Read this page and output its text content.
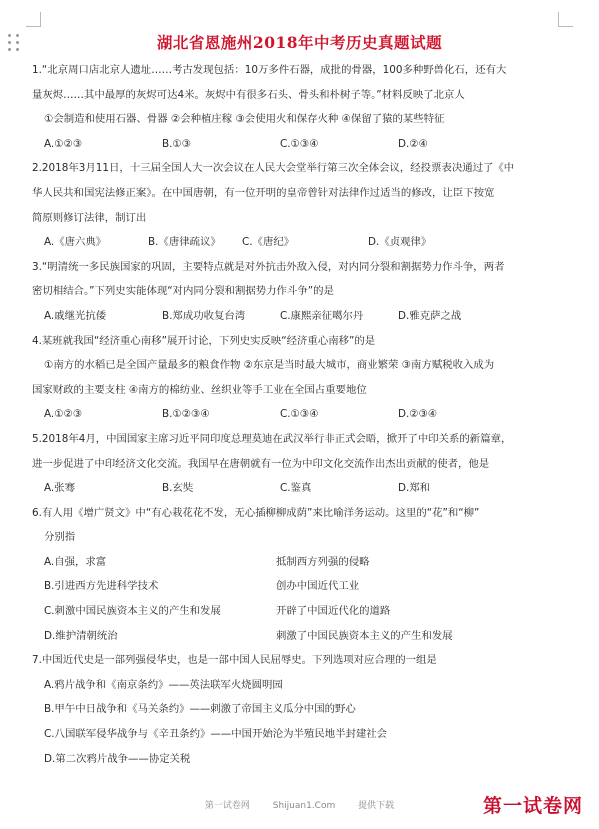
湖北省恩施州2018年中考历史真题试题

1.“北京周口店北京人遗址……考古发现包括：10万多件石器，成批的骨器，100多种野兽化石，还有大

量灰烬……其中最厚的灰烬可达4米。灰烬中有很多石头、骨头和朴树子等。”材料反映了北京人

①会制造和使用石器、骨器 ②会种植庄稼 ③会使用火和保存火种 ④保留了猿的某些特征

A.①②③	B.①③	C.①③④	D.②④

2.2018年3月11日，十三届全国人大一次会议在人民大会堂举行第三次全体会议，经投票表决通过了《中

华人民共和国宪法修正案》。在中国唐朝，有一位开明的皇帝曾针对法律作过适当的修改，让臣下按宽

简原则修订法律，制订出

A.《唐六典》	B.《唐律疏议》	C.《唐纪》	D.《贞观律》

3.“明清统一多民族国家的巩固，主要特点就是对外抗击外敌入侵，对内同分裂和割据势力作斗争，两者

密切相结合。”下列史实能体现“对内同分裂和割据势力作斗争”的是

A.戚继光抗倭	B.郑成功收复台湾	C.康熙亲征噶尔丹	D.雅克萨之战

4.某班就我国“经济重心南移”展开讨论，下列史实反映“经济重心南移”的是

①南方的水稻已是全国产量最多的粮食作物 ②东京是当时最大城市，商业繁荣 ③南方赋税收入成为

国家财政的主要支柱 ④南方的棉纺业、丝织业等手工业在全国占重要地位

A.①②③	B.①②③④	C.①③④	D.②③④

5.2018年4月，中国国家主席习近平同印度总理莫迪在武汉举行非正式会晤，掀开了中印关系的新篇章，

进一步促进了中印经济文化交流。我国早在唐朝就有一位为中印文化交流作出杰出贡献的使者，他是

A.张骞	B.玄奘	C.鉴真	D.郑和

6.有人用《增广贤文》中“有心栽花花不发，无心插柳柳成荫”来比喻洋务运动。这里的“花”和“柳”

分别指

A.自强，求富	抵制西方列强的侵略
B.引进西方先进科学技术	创办中国近代工业
C.刺激中国民族资本主义的产生和发展	开辟了中国近代化的道路
D.维护清朝统治	刺激了中国民族资本主义的产生和发展

7.中国近代史是一部列强侵华史，也是一部中国人民屈辱史。下列选项对应合理的一组是

A.鸦片战争和《南京条约》——英法联军火烧圆明园

B.甲午中日战争和《马关条约》——刺激了帝国主义瓜分中国的野心

C.八国联军侵华战争与《辛丑条约》——中国开始沦为半殖民地半封建社会

D.第二次鸦片战争——协定关税

第一试卷网	Shijuan1.Com	提供下载	第一试卷网
